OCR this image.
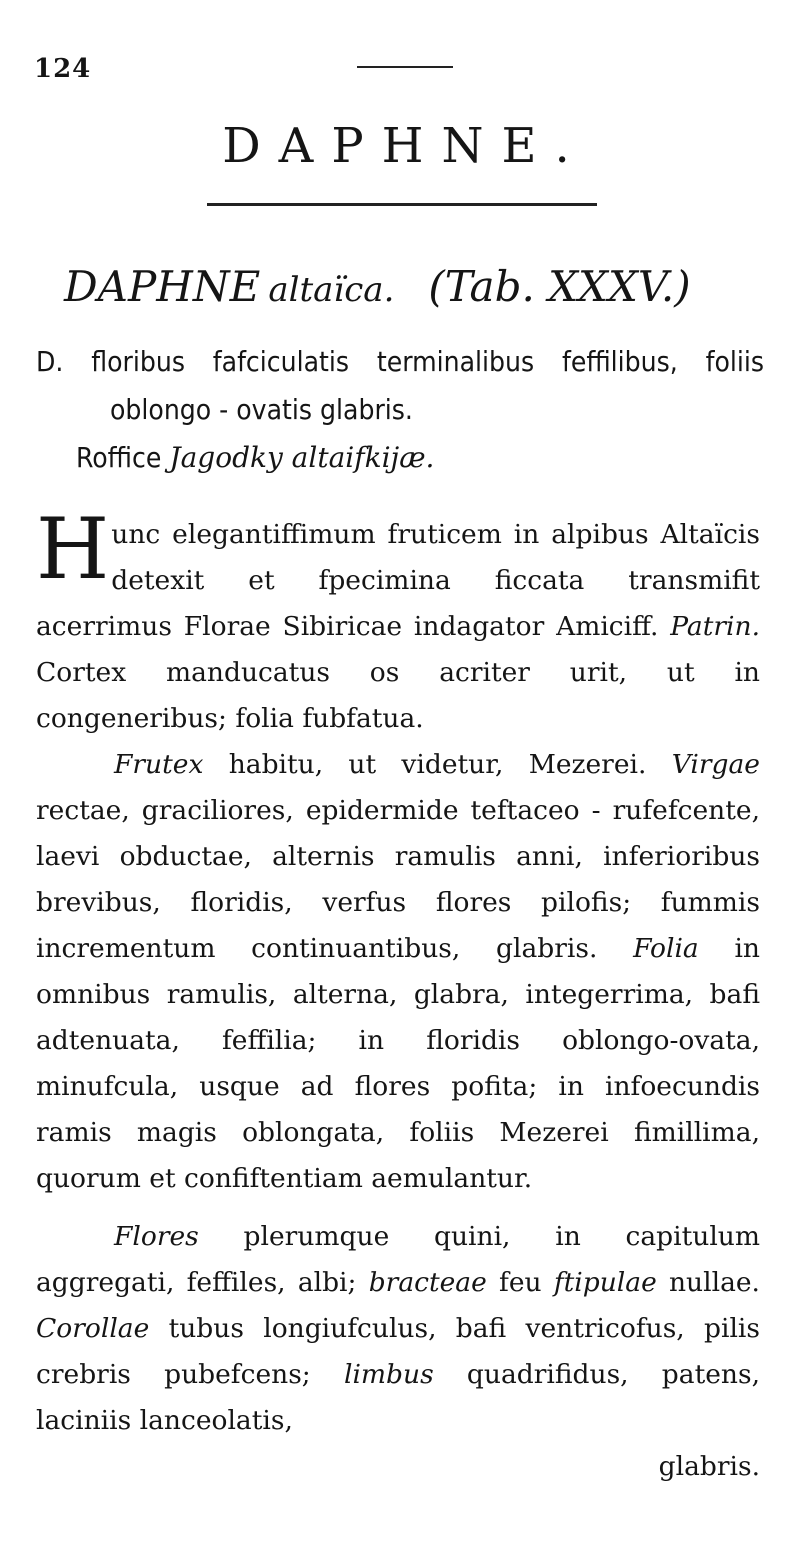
124
DAPHNE.
DAPHNE altaïca. (Tab. XXXV.)
D. floribus fafciculatis terminalibus feffilibus, foliis
oblongo - ovatis glabris.
Roffice Jagodky altaifkijæ.

Hunc elegantiffimum fruticem in alpibus Altaïcis detexit et fpecimina ficcata transmifit acerrimus Florae Sibiricae indagator Amiciff. Patrin. Cortex manducatus os acriter urit, ut in congeneribus; folia fubfatua.

Frutex habitu, ut videtur, Mezerei. Virgae rectae, graciliores, epidermide teftaceo - rufefcente, laevi obductae, alternis ramulis anni, inferioribus brevibus, floridis, verfus flores pilofis; fummis incrementum continuantibus, glabris. Folia in omnibus ramulis, alterna, glabra, integerrima, bafi adtenuata, feffilia; in floridis oblongo-ovata, minufcula, usque ad flores pofita; in infoecundis ramis magis oblongata, foliis Mezerei fimillima, quorum et confiftentiam aemulantur.

Flores plerumque quini, in capitulum aggregati, feffiles, albi; bracteae feu ftipulae nullae. Corollae tubus longiufculus, bafi ventricofus, pilis crebris pubefcens; limbus quadrifidus, patens, laciniis lanceolatis,
glabris.
